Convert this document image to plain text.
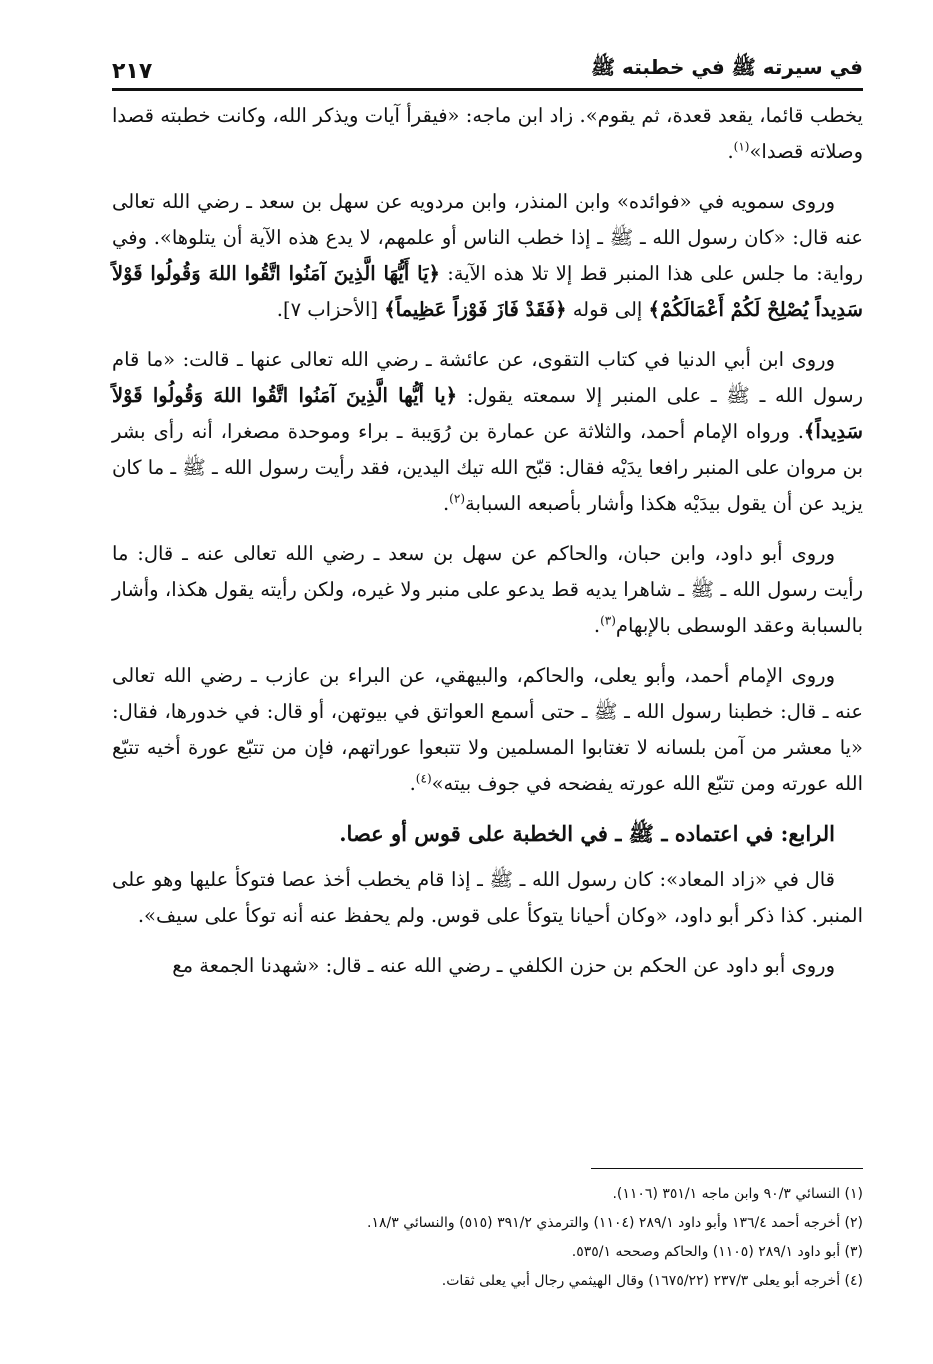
في سيرته ﷺ في خطبته ﷺ
٢١٧

يخطب قائما، يقعد قعدة، ثم يقوم». زاد ابن ماجه: «فيقرأ آيات ويذكر الله، وكانت خطبته قصدا وصلاته قصدا»$^{(١)}$.

وروى سمويه في «فوائده» وابن المنذر، وابن مردويه عن سهل بن سعد ـ رضي الله تعالى عنه قال: «كان رسول الله ـ ﷺ ـ إذا خطب الناس أو علمهم، لا يدع هذه الآية أن يتلوها». وفي رواية: ما جلس على هذا المنبر قط إلا تلا هذه الآية: ﴿يَا أَيُّهَا الَّذِينَ آمَنُوا اتَّقُوا اللهَ وَقُولُوا قَوْلاً سَدِيداً يُصْلِحْ لَكُمْ أَعْمَالَكُمْ﴾ إلى قوله ﴿فَقَدْ فَازَ فَوْزاً عَظِيماً﴾ [الأحزاب ٧].

وروى ابن أبي الدنيا في كتاب التقوى، عن عائشة ـ رضي الله تعالى عنها ـ قالت: «ما قام رسول الله ـ ﷺ ـ على المنبر إلا سمعته يقول: ﴿يا أيُّها الَّذِينَ آمَنُوا اتَّقُوا اللهَ وَقُولُوا قَوْلاً سَدِيداً﴾. ورواه الإمام أحمد، والثلاثة عن عمارة بن رُوَيبة ـ براء وموحدة مصغرا، أنه رأى بشر بن مروان على المنبر رافعا يدَيْه فقال: قبّح الله تيك اليدين، فقد رأيت رسول الله ـ ﷺ ـ ما كان يزيد عن أن يقول بيدَيْه هكذا وأشار بأصبعه السبابة$^{(٢)}$.

وروى أبو داود، وابن حبان، والحاكم عن سهل بن سعد ـ رضي الله تعالى عنه ـ قال: ما رأيت رسول الله ـ ﷺ ـ شاهرا يديه قط يدعو على منبر ولا غيره، ولكن رأيته يقول هكذا، وأشار بالسبابة وعقد الوسطى بالإبهام$^{(٣)}$.

وروى الإمام أحمد، وأبو يعلى، والحاكم، والبيهقي، عن البراء بن عازب ـ رضي الله تعالى عنه ـ قال: خطبنا رسول الله ـ ﷺ ـ حتى أسمع العواتق في بيوتهن، أو قال: في خدورها، فقال: «يا معشر من آمن بلسانه لا تغتابوا المسلمين ولا تتبعوا عوراتهم، فإن من تتبّع عورة أخيه تتبّع الله عورته ومن تتبّع الله عورته يفضحه في جوف بيته»$^{(٤)}$.

الرابع: في اعتماده ـ ﷺ ـ في الخطبة على قوس أو عصا.

قال في «زاد المعاد»: كان رسول الله ـ ﷺ ـ إذا قام يخطب أخذ عصا فتوكأ عليها وهو على المنبر. كذا ذكر أبو داود، «وكان أحيانا يتوكأ على قوس. ولم يحفظ عنه أنه توكأ على سيف».

وروى أبو داود عن الحكم بن حزن الكلفي ـ رضي الله عنه ـ قال: «شهدنا الجمعة مع

(١) النسائي ٩٠/٣ وابن ماجه ٣٥١/١ (١١٠٦).
(٢) أخرجه أحمد ١٣٦/٤ وأبو داود ٢٨٩/١ (١١٠٤) والترمذي ٣٩١/٢ (٥١٥) والنسائي ١٨/٣.
(٣) أبو داود ٢٨٩/١ (١١٠٥) والحاكم وصححه ٥٣٥/١.
(٤) أخرجه أبو يعلى ٢٣٧/٣ (١٦٧٥/٢٢) وقال الهيثمي رجال أبي يعلى ثقات.
